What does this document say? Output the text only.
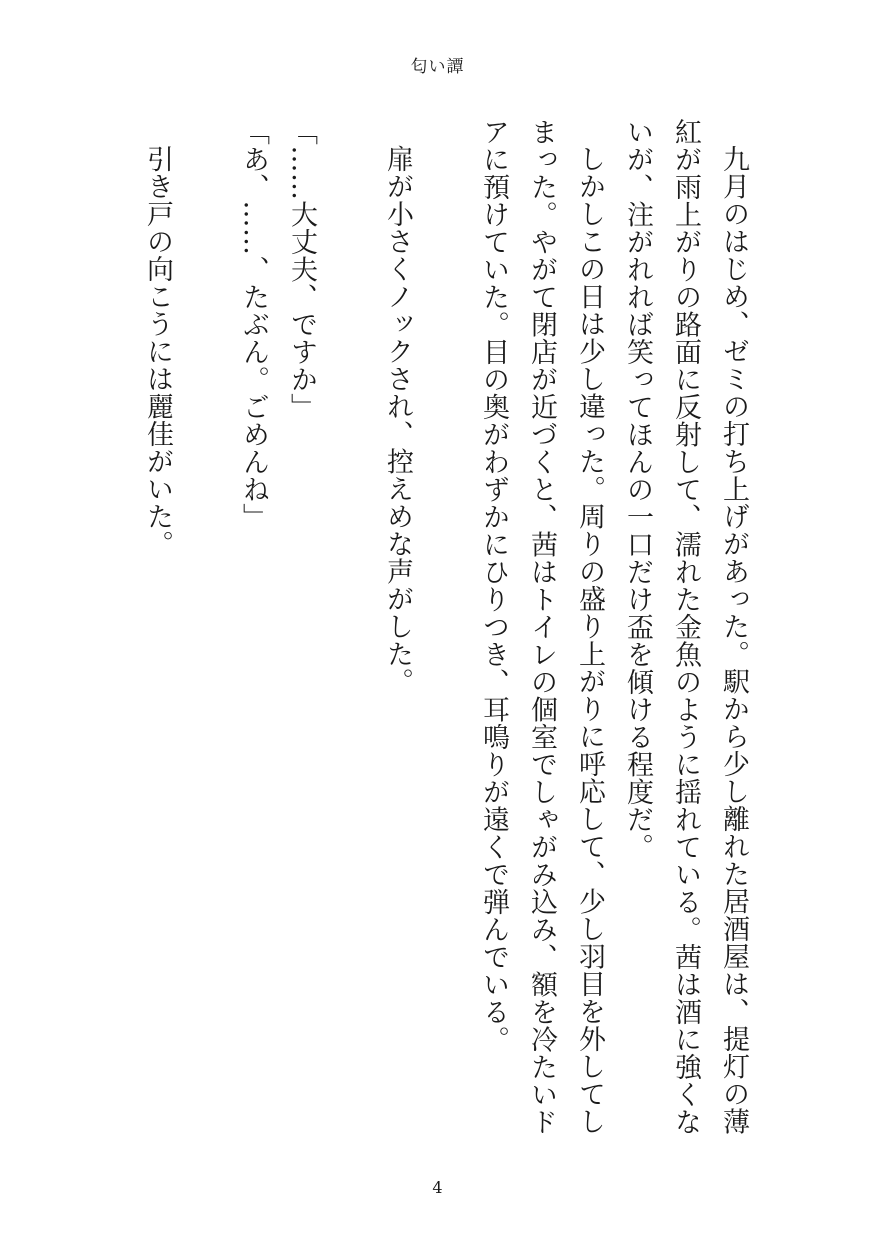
匂い譚

九月のはじめ、ゼミの打ち上げがあった。駅から少し離れた居酒屋は、提灯の薄紅が雨上がりの路面に反射して、濡れた金魚のように揺れている。茜は酒に強くないが、注がれれば笑ってほんの一口だけ盃を傾ける程度だ。

しかしこの日は少し違った。周りの盛り上がりに呼応して、少し羽目を外してしまった。やがて閉店が近づくと、茜はトイレの個室でしゃがみ込み、額を冷たいドアに預けていた。目の奥がわずかにひりつき、耳鳴りが遠くで弾んでいる。

扉が小さくノックされ、控えめな声がした。

「……大丈夫、ですか」

「あ、……、たぶん。ごめんね」

引き戸の向こうには麗佳がいた。

4
